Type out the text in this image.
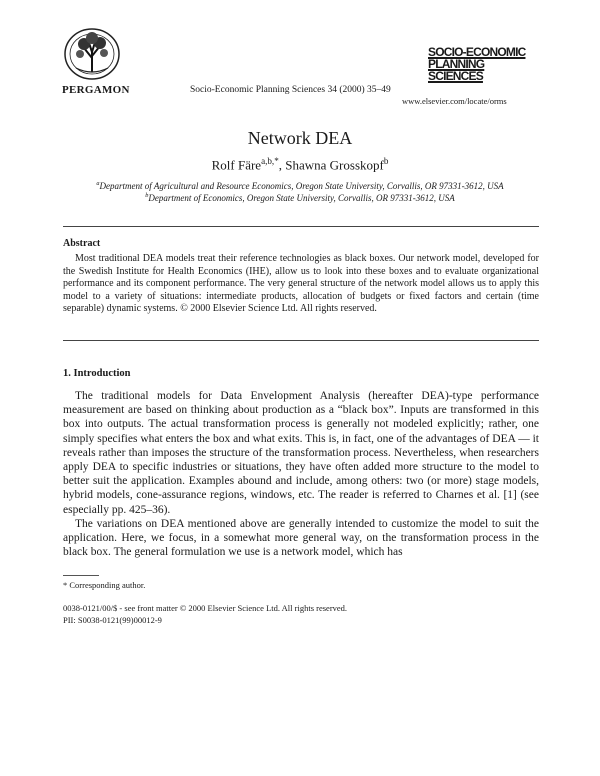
PERGAMON	Socio-Economic Planning Sciences 34 (2000) 35–49
SOCIO-ECONOMIC
PLANNING SCIENCES
www.elsevier.com/locate/orms
Network DEA
Rolf Färe$^{a,b,*}$, Shawna Grosskopf$^b$
$^a$Department of Agricultural and Resource Economics, Oregon State University, Corvallis, OR 97331-3612, USA
$^b$Department of Economics, Oregon State University, Corvallis, OR 97331-3612, USA
Abstract
Most traditional DEA models treat their reference technologies as black boxes. Our network model, developed for the Swedish Institute for Health Economics (IHE), allow us to look into these boxes and to evaluate organizational performance and its component performance. The very general structure of the network model allows us to apply this model to a variety of situations: intermediate products, allocation of budgets or fixed factors and certain (time separable) dynamic systems. © 2000 Elsevier Science Ltd. All rights reserved.
1. Introduction
The traditional models for Data Envelopment Analysis (hereafter DEA)-type performance measurement are based on thinking about production as a “black box”. Inputs are transformed in this box into outputs. The actual transformation process is generally not modeled explicitly; rather, one simply specifies what enters the box and what exits. This is, in fact, one of the advantages of DEA — it reveals rather than imposes the structure of the transformation process. Nevertheless, when researchers apply DEA to specific industries or situations, they have often added more structure to the model to better suit the application. Examples abound and include, among others: two (or more) stage models, hybrid models, cone-assurance regions, windows, etc. The reader is referred to Charnes et al. [1] (see especially pp. 425–36).
The variations on DEA mentioned above are generally intended to customize the model to suit the application. Here, we focus, in a somewhat more general way, on the transformation process in the black box. The general formulation we use is a network model, which has
* Corresponding author.
0038-0121/00/$ - see front matter © 2000 Elsevier Science Ltd. All rights reserved.
PII: S0038-0121(99)00012-9
